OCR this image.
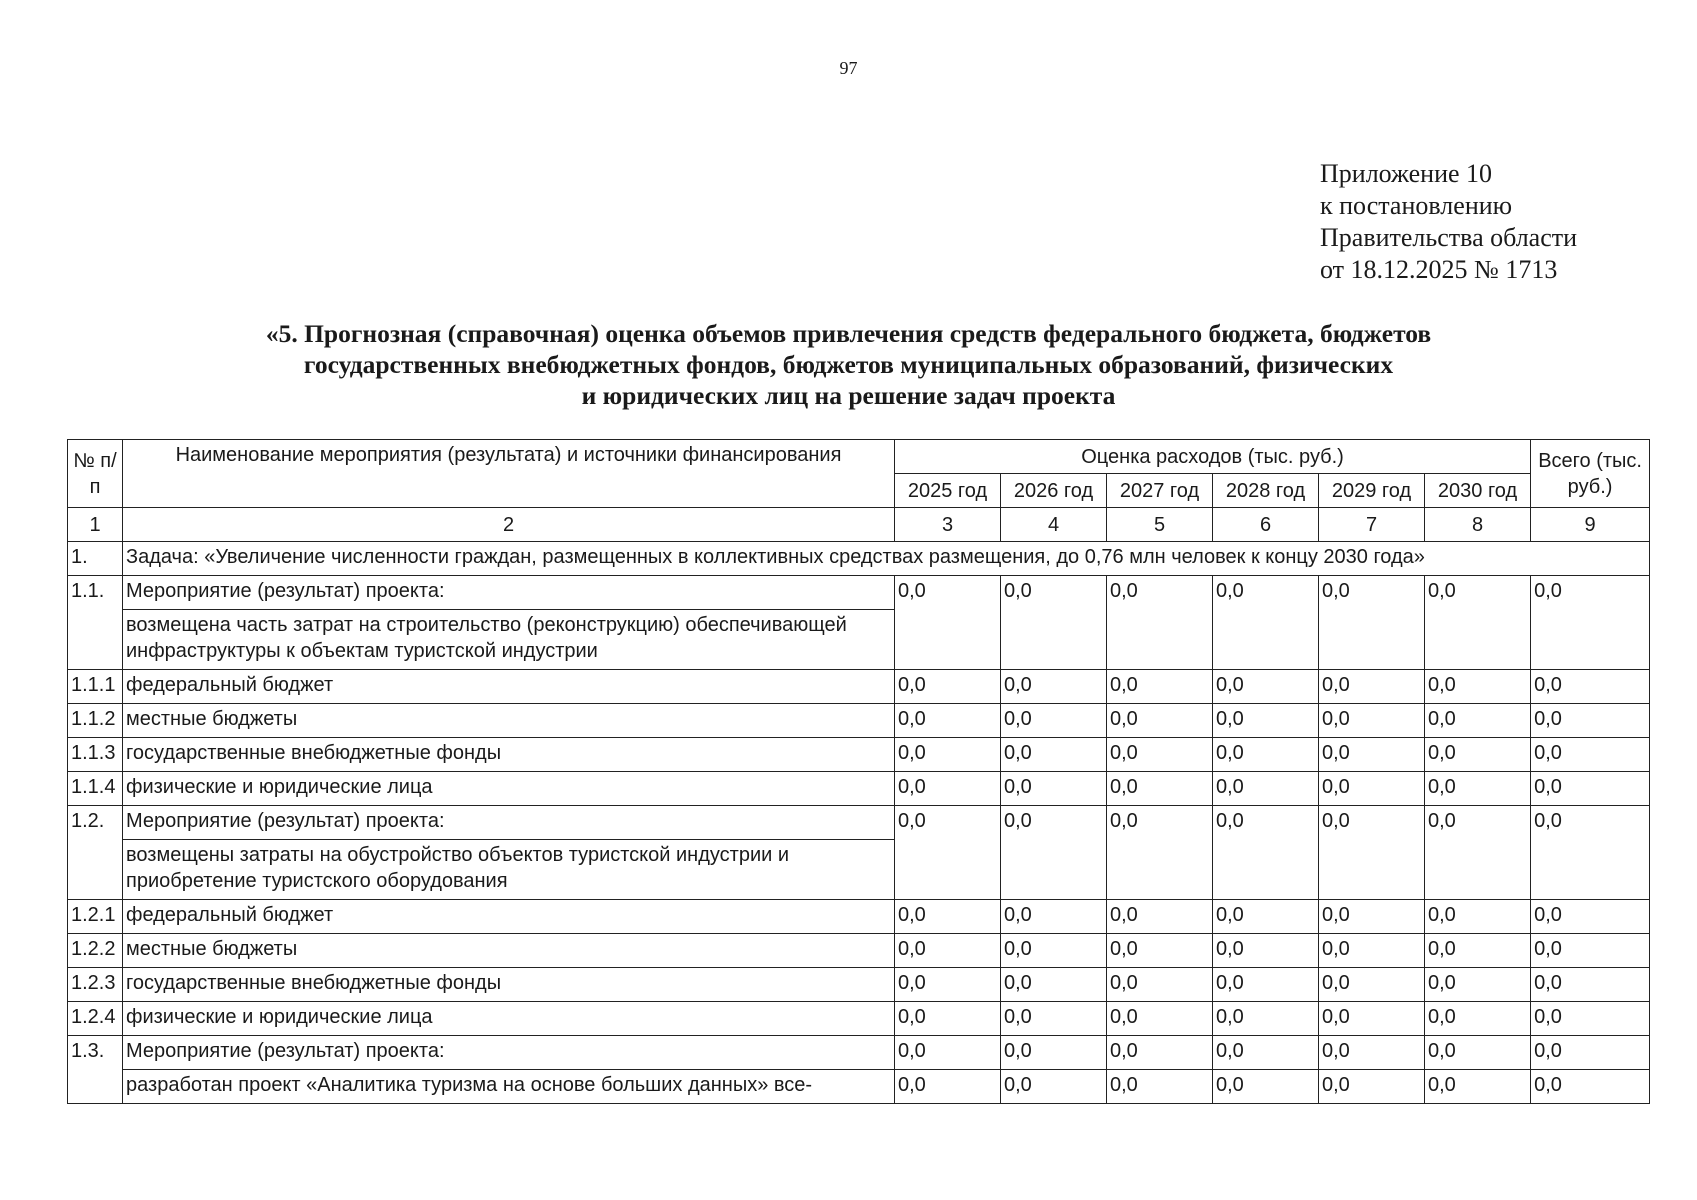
97
Приложение 10
к постановлению
Правительства области
от 18.12.2025 № 1713
«5. Прогнозная (справочная) оценка объемов привлечения средств федерального бюджета, бюджетов
государственных внебюджетных фондов, бюджетов муниципальных образований, физических
и юридических лиц на решение задач проекта
№ п/п	Наименование мероприятия (результата) и источники финансирования	Оценка расходов (тыс. руб.)						Всего (тыс. руб.)
		2025 год	2026 год	2027 год	2028 год	2029 год	2030 год	
1	2	3	4	5	6	7	8	9
1.	Задача: «Увеличение численности граждан, размещенных в коллективных средствах размещения, до 0,76 млн человек к концу 2030 года»							
1.1.	Мероприятие (результат) проекта:	0,0	0,0	0,0	0,0	0,0	0,0	0,0
	возмещена часть затрат на строительство (реконструкцию) обеспечивающей инфраструктуры к объектам туристской индустрии							
1.1.1	федеральный бюджет	0,0	0,0	0,0	0,0	0,0	0,0	0,0
1.1.2	местные бюджеты	0,0	0,0	0,0	0,0	0,0	0,0	0,0
1.1.3	государственные внебюджетные фонды	0,0	0,0	0,0	0,0	0,0	0,0	0,0
1.1.4	физические и юридические лица	0,0	0,0	0,0	0,0	0,0	0,0	0,0
1.2.	Мероприятие (результат) проекта:	0,0	0,0	0,0	0,0	0,0	0,0	0,0
	возмещены затраты на обустройство объектов туристской индустрии и приобретение туристского оборудования							
1.2.1	федеральный бюджет	0,0	0,0	0,0	0,0	0,0	0,0	0,0
1.2.2	местные бюджеты	0,0	0,0	0,0	0,0	0,0	0,0	0,0
1.2.3	государственные внебюджетные фонды	0,0	0,0	0,0	0,0	0,0	0,0	0,0
1.2.4	физические и юридические лица	0,0	0,0	0,0	0,0	0,0	0,0	0,0
1.3.	Мероприятие (результат) проекта:	0,0	0,0	0,0	0,0	0,0	0,0	0,0
	разработан проект «Аналитика туризма на основе больших данных» все-	0,0	0,0	0,0	0,0	0,0	0,0	0,0
